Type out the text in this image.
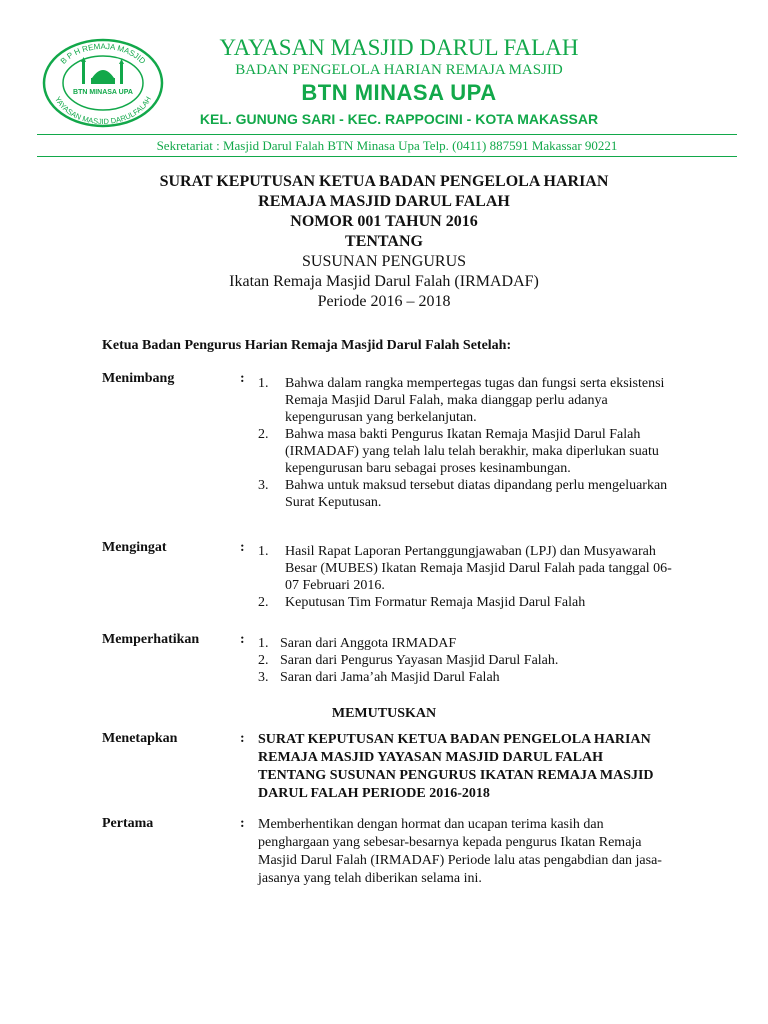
B P H REMAJA MASJID
YAYASAN MASJID DARULFALAH
BTN MINASA UPA
YAYASAN MASJID DARUL FALAH
BADAN PENGELOLA HARIAN REMAJA MASJID
BTN MINASA UPA
KEL. GUNUNG SARI - KEC. RAPPOCINI - KOTA MAKASSAR
Sekretariat : Masjid Darul Falah BTN Minasa Upa Telp. (0411) 887591 Makassar 90221
SURAT KEPUTUSAN KETUA BADAN PENGELOLA HARIAN
REMAJA MASJID DARUL FALAH
NOMOR 001 TAHUN 2016
TENTANG
SUSUNAN PENGURUS
Ikatan Remaja Masjid Darul Falah (IRMADAF)
Periode 2016 – 2018
Ketua Badan Pengurus Harian Remaja Masjid Darul Falah Setelah:
Menimbang	: 1. Bahwa dalam rangka mempertegas tugas dan fungsi serta eksistensi Remaja Masjid Darul Falah, maka dianggap perlu adanya kepengurusan yang berkelanjutan.
2. Bahwa masa bakti Pengurus Ikatan Remaja Masjid Darul Falah (IRMADAF) yang telah lalu telah berakhir, maka diperlukan suatu kepengurusan baru sebagai proses kesinambungan.
3. Bahwa untuk maksud tersebut diatas dipandang perlu mengeluarkan Surat Keputusan.
Mengingat	: 1. Hasil Rapat Laporan Pertanggungjawaban (LPJ) dan Musyawarah Besar (MUBES) Ikatan Remaja Masjid Darul Falah pada tanggal 06-07 Februari 2016.
2. Keputusan Tim Formatur Remaja Masjid Darul Falah
Memperhatikan	: 1. Saran dari Anggota IRMADAF
2. Saran dari Pengurus Yayasan Masjid Darul Falah.
3. Saran dari Jama’ah Masjid Darul Falah
MEMUTUSKAN
Menetapkan	: SURAT KEPUTUSAN KETUA BADAN PENGELOLA HARIAN
REMAJA MASJID YAYASAN MASJID DARUL FALAH
TENTANG SUSUNAN PENGURUS IKATAN REMAJA MASJID
DARUL FALAH PERIODE 2016-2018
Pertama	: Memberhentikan dengan hormat dan ucapan terima kasih dan
penghargaan yang sebesar-besarnya kepada pengurus Ikatan Remaja
Masjid Darul Falah (IRMADAF) Periode lalu atas pengabdian dan jasa-
jasanya yang telah diberikan selama ini.
